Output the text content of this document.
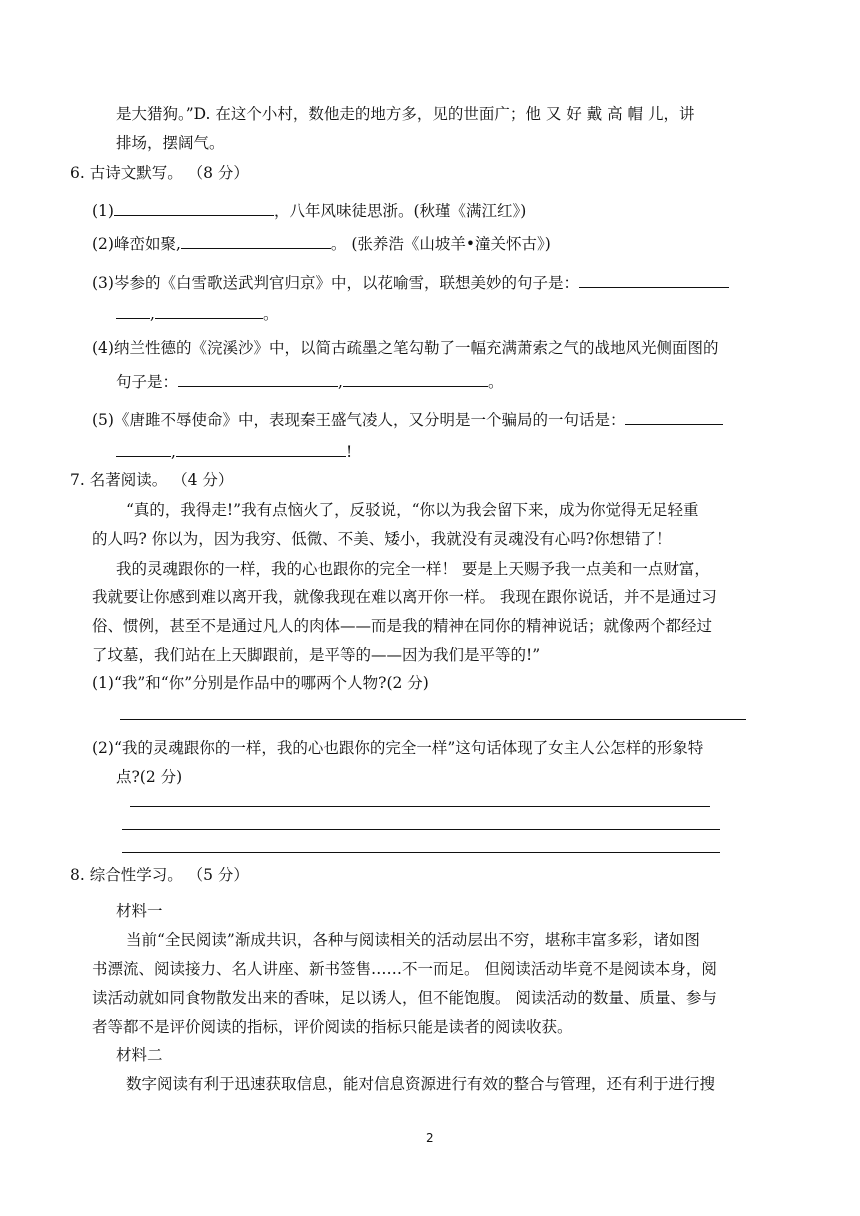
是大猎狗。”D. 在这个小村，数他走的地方多，见的世面广；他 又 好 戴 高 帽 儿，讲
排场，摆阔气。
6. 古诗文默写。 （8 分）
(1)	，八年风味徒思浙。(秋瑾《满江红》)
(2)峰峦如聚,	。 (张养浩《山坡羊•潼关怀古》)
(3)岑参的《白雪歌送武判官归京》中，以花喻雪，联想美妙的句子是：
,	。
(4)纳兰性德的《浣溪沙》中，以简古疏墨之笔勾勒了一幅充满萧索之气的战地风光侧面图的
句子是：	,	。
(5)《唐雎不辱使命》中，表现秦王盛气凌人，又分明是一个骗局的一句话是：
,	!
7. 名著阅读。 （4 分）
“真的，我得走!”我有点恼火了，反驳说，“你以为我会留下来，成为你觉得无足轻重
的人吗? 你以为，因为我穷、低微、不美、矮小，我就没有灵魂没有心吗?你想错了！
我的灵魂跟你的一样，我的心也跟你的完全一样！ 要是上天赐予我一点美和一点财富，
我就要让你感到难以离开我，就像我现在难以离开你一样。 我现在跟你说话，并不是通过习
俗、惯例，甚至不是通过凡人的肉体——而是我的精神在同你的精神说话；就像两个都经过
了坟墓，我们站在上天脚跟前，是平等的——因为我们是平等的!”
(1)“我”和“你”分别是作品中的哪两个人物?(2 分)
(2)“我的灵魂跟你的一样，我的心也跟你的完全一样”这句话体现了女主人公怎样的形象特
点?(2 分)
8. 综合性学习。 （5 分）
材料一
当前“全民阅读”渐成共识，各种与阅读相关的活动层出不穷，堪称丰富多彩，诸如图
书漂流、阅读接力、名人讲座、新书签售……不一而足。 但阅读活动毕竟不是阅读本身，阅
读活动就如同食物散发出来的香味，足以诱人，但不能饱腹。 阅读活动的数量、质量、参与
者等都不是评价阅读的指标，评价阅读的指标只能是读者的阅读收获。
材料二
数字阅读有利于迅速获取信息，能对信息资源进行有效的整合与管理，还有利于进行搜
2
